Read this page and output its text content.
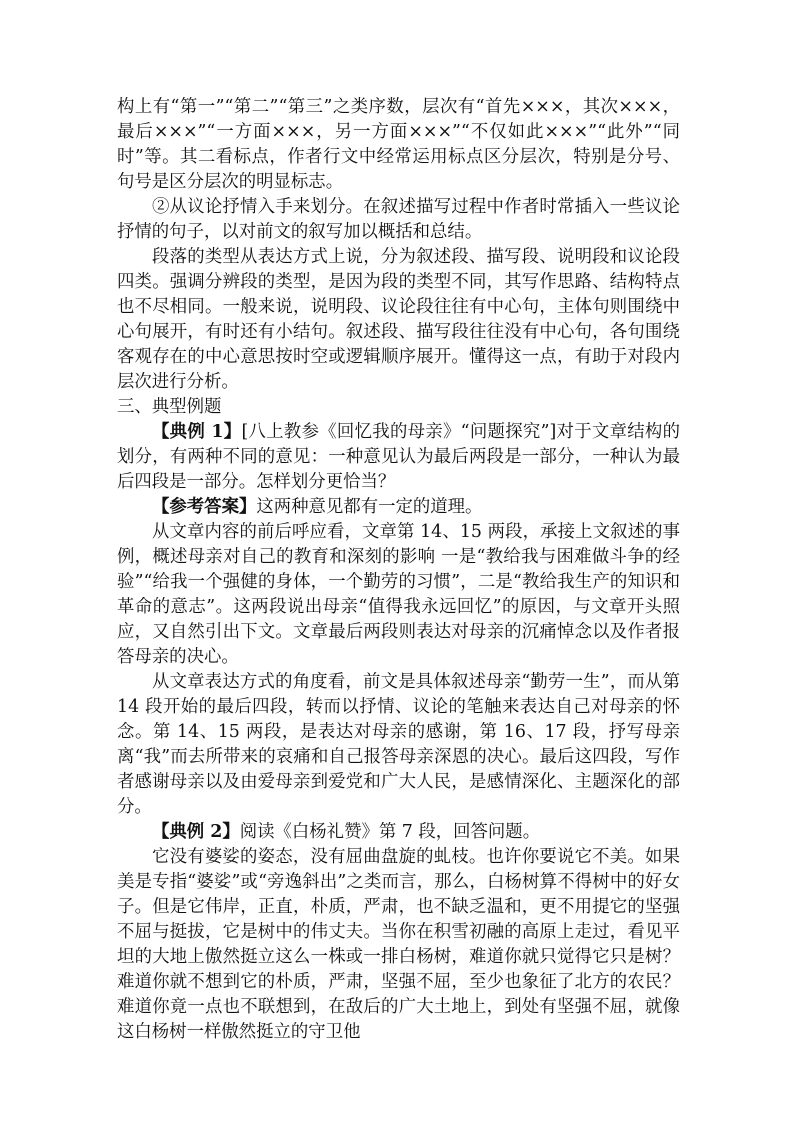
构上有“第一”“第二”“第三”之类序数，层次有“首先×××，其次×××，最后×××”“一方面×××，另一方面×××”“不仅如此×××”“此外”“同时”等。其二看标点，作者行文中经常运用标点区分层次，特别是分号、句号是区分层次的明显标志。

②从议论抒情入手来划分。在叙述描写过程中作者时常插入一些议论抒情的句子，以对前文的叙写加以概括和总结。

段落的类型从表达方式上说，分为叙述段、描写段、说明段和议论段四类。强调分辨段的类型，是因为段的类型不同，其写作思路、结构特点也不尽相同。一般来说，说明段、议论段往往有中心句，主体句则围绕中心句展开，有时还有小结句。叙述段、描写段往往没有中心句，各句围绕客观存在的中心意思按时空或逻辑顺序展开。懂得这一点，有助于对段内层次进行分析。

三、典型例题

【典例 1】[八上教参《回忆我的母亲》“问题探究”]对于文章结构的划分，有两种不同的意见：一种意见认为最后两段是一部分，一种认为最后四段是一部分。怎样划分更恰当？

【参考答案】这两种意见都有一定的道理。

从文章内容的前后呼应看，文章第 14、15 两段，承接上文叙述的事例，概述母亲对自己的教育和深刻的影响 一是“教给我与困难做斗争的经验”“给我一个强健的身体，一个勤劳的习惯”，二是“教给我生产的知识和革命的意志”。这两段说出母亲“值得我永远回忆”的原因，与文章开头照应，又自然引出下文。文章最后两段则表达对母亲的沉痛悼念以及作者报答母亲的决心。

从文章表达方式的角度看，前文是具体叙述母亲“勤劳一生”，而从第 14 段开始的最后四段，转而以抒情、议论的笔触来表达自己对母亲的怀念。第 14、15 两段，是表达对母亲的感谢，第 16、17 段，抒写母亲离“我”而去所带来的哀痛和自己报答母亲深恩的决心。最后这四段，写作者感谢母亲以及由爱母亲到爱党和广大人民，是感情深化、主题深化的部分。

【典例 2】阅读《白杨礼赞》第 7 段，回答问题。

它没有婆娑的姿态，没有屈曲盘旋的虬枝。也许你要说它不美。如果美是专指“婆娑”或“旁逸斜出”之类而言，那么，白杨树算不得树中的好女子。但是它伟岸，正直，朴质，严肃，也不缺乏温和，更不用提它的坚强不屈与挺拔，它是树中的伟丈夫。当你在积雪初融的高原上走过，看见平坦的大地上傲然挺立这么一株或一排白杨树，难道你就只觉得它只是树？难道你就不想到它的朴质，严肃，坚强不屈，至少也象征了北方的农民？难道你竟一点也不联想到，在敌后的广大土地上，到处有坚强不屈，就像这白杨树一样傲然挺立的守卫他
